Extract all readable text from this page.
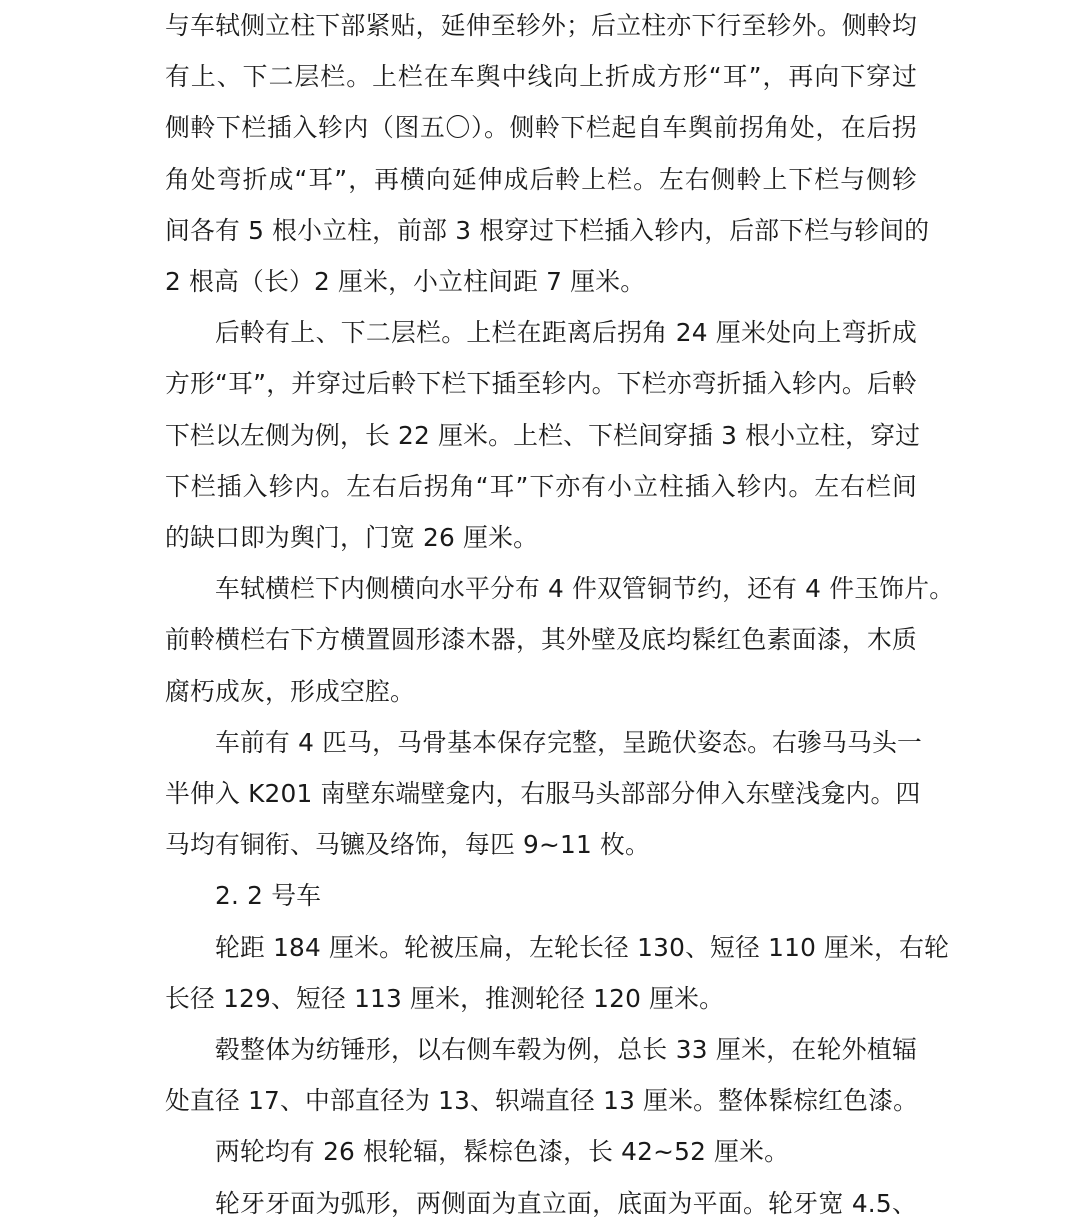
与车轼侧立柱下部紧贴，延伸至轸外；后立柱亦下行至轸外。侧軨均
有上、下二层栏。上栏在车舆中线向上折成方形“耳”，再向下穿过
侧軨下栏插入轸内（图五〇）。侧軨下栏起自车舆前拐角处，在后拐
角处弯折成“耳”，再横向延伸成后軨上栏。左右侧軨上下栏与侧轸
间各有 5 根小立柱，前部 3 根穿过下栏插入轸内，后部下栏与轸间的
2 根高（长）2 厘米，小立柱间距 7 厘米。
后軨有上、下二层栏。上栏在距离后拐角 24 厘米处向上弯折成
方形“耳”，并穿过后軨下栏下插至轸内。下栏亦弯折插入轸内。后軨
下栏以左侧为例，长 22 厘米。上栏、下栏间穿插 3 根小立柱，穿过
下栏插入轸内。左右后拐角“耳”下亦有小立柱插入轸内。左右栏间
的缺口即为舆门，门宽 26 厘米。
车轼横栏下内侧横向水平分布 4 件双管铜节约，还有 4 件玉饰片。
前軨横栏右下方横置圆形漆木器，其外壁及底均髹红色素面漆，木质
腐朽成灰，形成空腔。
车前有 4 匹马，马骨基本保存完整，呈跪伏姿态。右骖马马头一
半伸入 K201 南壁东端壁龛内，右服马头部部分伸入东壁浅龛内。四
马均有铜衔、马镳及络饰，每匹 9~11 枚。
2. 2 号车
轮距 184 厘米。轮被压扁，左轮长径 130、短径 110 厘米，右轮
长径 129、短径 113 厘米，推测轮径 120 厘米。
毂整体为纺锤形，以右侧车毂为例，总长 33 厘米，在轮外植辐
处直径 17、中部直径为 13、轵端直径 13 厘米。整体髹棕红色漆。
两轮均有 26 根轮辐，髹棕色漆，长 42~52 厘米。
轮牙牙面为弧形，两侧面为直立面，底面为平面。轮牙宽 4.5、
